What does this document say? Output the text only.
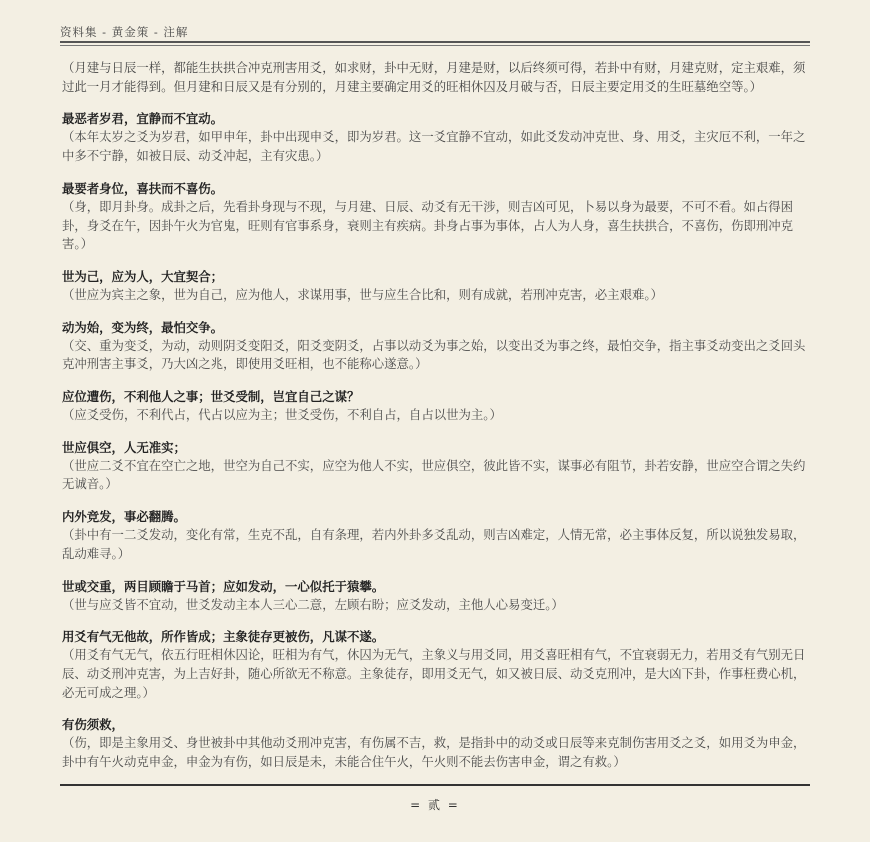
资料集 - 黄金策 - 注解

（月建与日辰一样，都能生扶拱合冲克刑害用爻，如求财，卦中无财，月建是财，以后终须可得，若卦中有财，月建克财，定主艰难，须过此一月才能得到。但月建和日辰又是有分别的，月建主要确定用爻的旺相休囚及月破与否，日辰主要定用爻的生旺墓绝空等。）

最恶者岁君，宜静而不宜动。
（本年太岁之爻为岁君，如甲申年，卦中出现申爻，即为岁君。这一爻宜静不宜动，如此爻发动冲克世、身、用爻，主灾厄不利，一年之中多不宁静，如被日辰、动爻冲起，主有灾患。）
最要者身位，喜扶而不喜伤。
（身，即月卦身。成卦之后，先看卦身现与不现，与月建、日辰、动爻有无干涉，则吉凶可见，卜易以身为最要，不可不看。如占得困卦，身爻在午，因卦午火为官鬼，旺则有官事系身，衰则主有疾病。卦身占事为事体，占人为人身，喜生扶拱合，不喜伤，伤即刑冲克害。）
世为己，应为人，大宜契合；
（世应为宾主之象，世为自己，应为他人，求谋用事，世与应生合比和，则有成就，若刑冲克害，必主艰难。）
动为始，变为终，最怕交争。
（交、重为变爻，为动，动则阴爻变阳爻，阳爻变阴爻，占事以动爻为事之始，以变出爻为事之终，最怕交争，指主事爻动变出之爻回头克冲刑害主事爻，乃大凶之兆，即使用爻旺相，也不能称心遂意。）
应位遭伤，不利他人之事；世爻受制，岂宜自己之谋？
（应爻受伤，不利代占，代占以应为主；世爻受伤，不利自占，自占以世为主。）
世应俱空，人无准实；
（世应二爻不宜在空亡之地，世空为自己不实，应空为他人不实，世应俱空，彼此皆不实，谋事必有阻节，卦若安静，世应空合谓之失约无诚音。）
内外竞发，事必翻腾。
（卦中有一二爻发动，变化有常，生克不乱，自有条理，若内外卦多爻乱动，则吉凶难定，人情无常，必主事体反复，所以说独发易取，乱动难寻。）
世或交重，两目顾瞻于马首；应如发动，一心似托于猿攀。
（世与应爻皆不宜动，世爻发动主本人三心二意，左顾右盼；应爻发动，主他人心易变迁。）
用爻有气无他故，所作皆成；主象徒存更被伤，凡谋不遂。
（用爻有气无气，依五行旺相休囚论，旺相为有气，休囚为无气，主象义与用爻同，用爻喜旺相有气，不宜衰弱无力，若用爻有气别无日辰、动爻刑冲克害，为上吉好卦，随心所欲无不称意。主象徒存，即用爻无气，如又被日辰、动爻克刑冲，是大凶下卦，作事枉费心机，必无可成之理。）
有伤须救，
（伤，即是主象用爻、身世被卦中其他动爻刑冲克害，有伤属不吉，救，是指卦中的动爻或日辰等来克制伤害用爻之爻，如用爻为申金，卦中有午火动克申金，申金为有伤，如日辰是未，未能合住午火，午火则不能去伤害申金，谓之有救。）
= 贰 =
